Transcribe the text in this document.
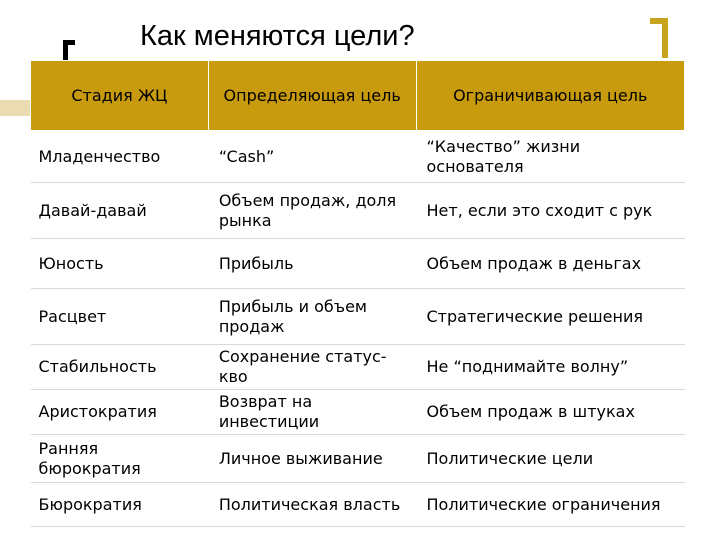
Как меняются цели?
Стадия ЖЦ	Определяющая цель	Ограничивающая цель
Младенчество	“Cash”	“Качество” жизни основателя
Давай-давай	Объем продаж, доля рынка	Нет, если это сходит с рук
Юность	Прибыль	Объем продаж в деньгах
Расцвет	Прибыль и объем продаж	Стратегические решения
Стабильность	Сохранение статус-кво	Не “поднимайте волну”
Аристократия	Возврат на инвестиции	Объем продаж в штуках
Ранняя бюрократия	Личное выживание	Политические цели
Бюрократия	Политическая власть	Политические ограничения
